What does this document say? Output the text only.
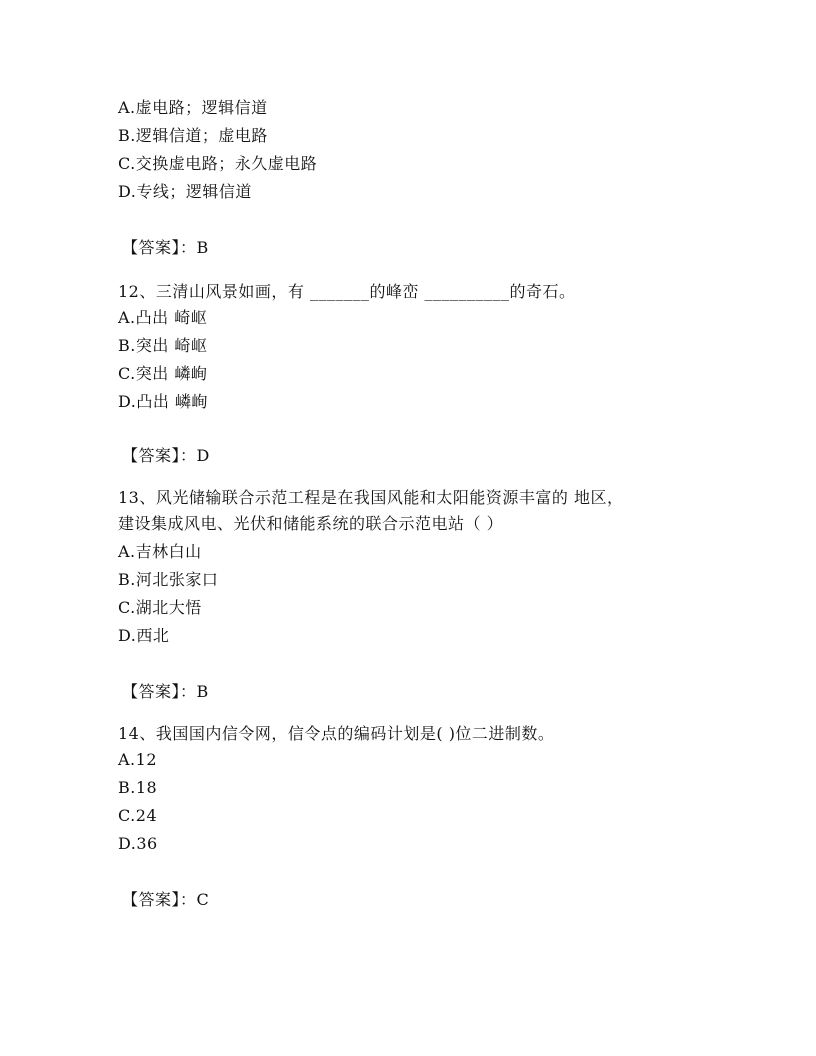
A.虚电路；逻辑信道
B.逻辑信道；虚电路
C.交换虚电路；永久虚电路
D.专线；逻辑信道
【答案】：B
12、三清山风景如画，有 _______的峰峦 __________的奇石。
A.凸出 崎岖
B.突出 崎岖
C.突出 嶙峋
D.凸出 嶙峋
【答案】：D
13、风光储输联合示范工程是在我国风能和太阳能资源丰富的 地区，
建设集成风电、光伏和储能系统的联合示范电站（ ）
A.吉林白山
B.河北张家口
C.湖北大悟
D.西北
【答案】：B
14、我国国内信令网，信令点的编码计划是( )位二进制数。
A.12
B.18
C.24
D.36
【答案】：C
